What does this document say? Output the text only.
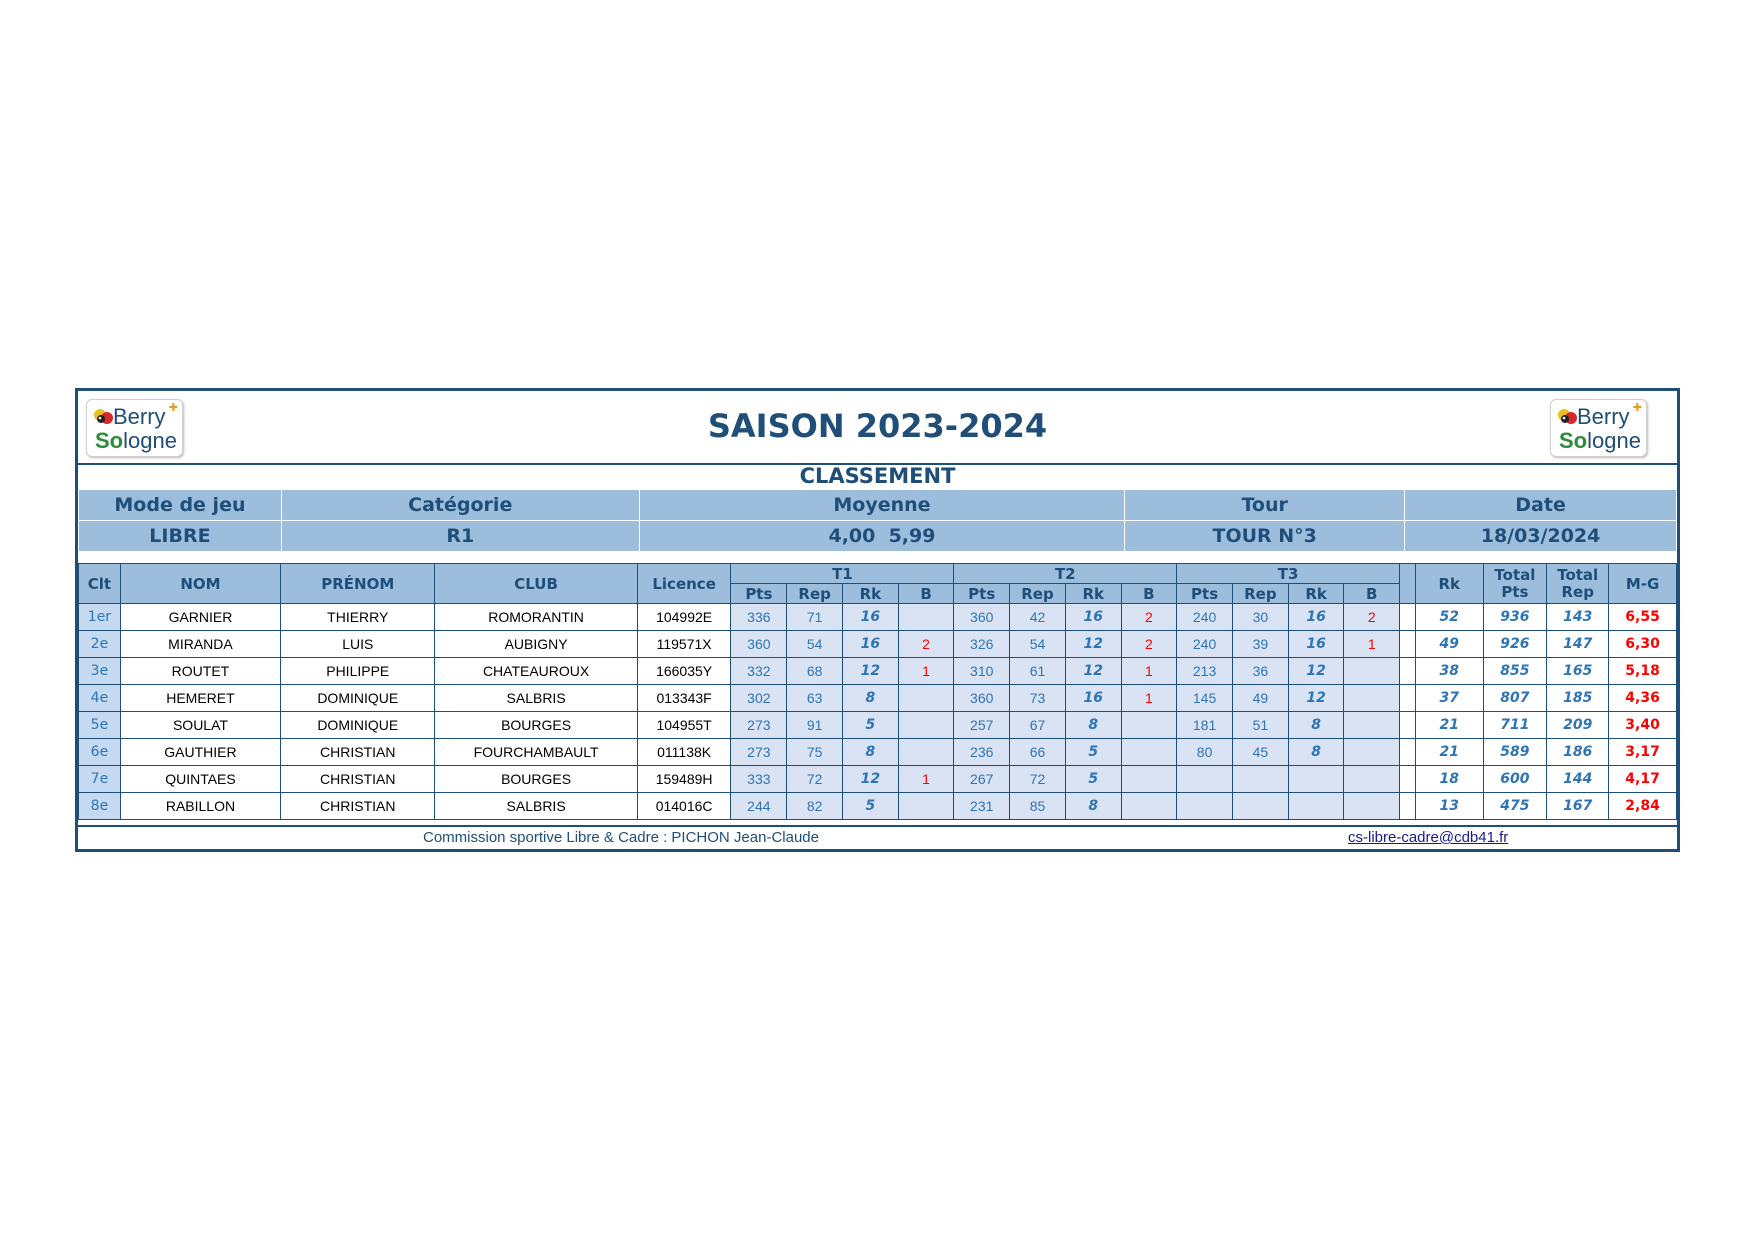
✚
Berry
Sologne	SAISON 2023-2024	✚
Berry
Sologne
CLASSEMENT
Mode de jeu	Catégorie	Moyenne	Tour	Date
LIBRE	R1	4,00  5,99	TOUR N°3	18/03/2024
Clt	NOM	PRÉNOM	CLUB	Licence	T1				T2				T3					Rk	Total Pts	Total Rep	M-G
					Pts	Rep	Rk	B	Pts	Rep	Rk	B	Pts	Rep	Rk	B					
1er	GARNIER	THIERRY	ROMORANTIN	104992E	336	71	16		360	42	16	2	240	30	16	2		52	936	143	6,55
2e	MIRANDA	LUIS	AUBIGNY	119571X	360	54	16	2	326	54	12	2	240	39	16	1		49	926	147	6,30
3e	ROUTET	PHILIPPE	CHATEAUROUX	166035Y	332	68	12	1	310	61	12	1	213	36	12			38	855	165	5,18
4e	HEMERET	DOMINIQUE	SALBRIS	013343F	302	63	8		360	73	16	1	145	49	12			37	807	185	4,36
5e	SOULAT	DOMINIQUE	BOURGES	104955T	273	91	5		257	67	8		181	51	8			21	711	209	3,40
6e	GAUTHIER	CHRISTIAN	FOURCHAMBAULT	011138K	273	75	8		236	66	5		80	45	8			21	589	186	3,17
7e	QUINTAES	CHRISTIAN	BOURGES	159489H	333	72	12	1	267	72	5							18	600	144	4,17
8e	RABILLON	CHRISTIAN	SALBRIS	014016C	244	82	5		231	85	8							13	475	167	2,84
Commission sportive Libre & Cadre : PICHON Jean-Claude	cs-libre-cadre@cdb41.fr
